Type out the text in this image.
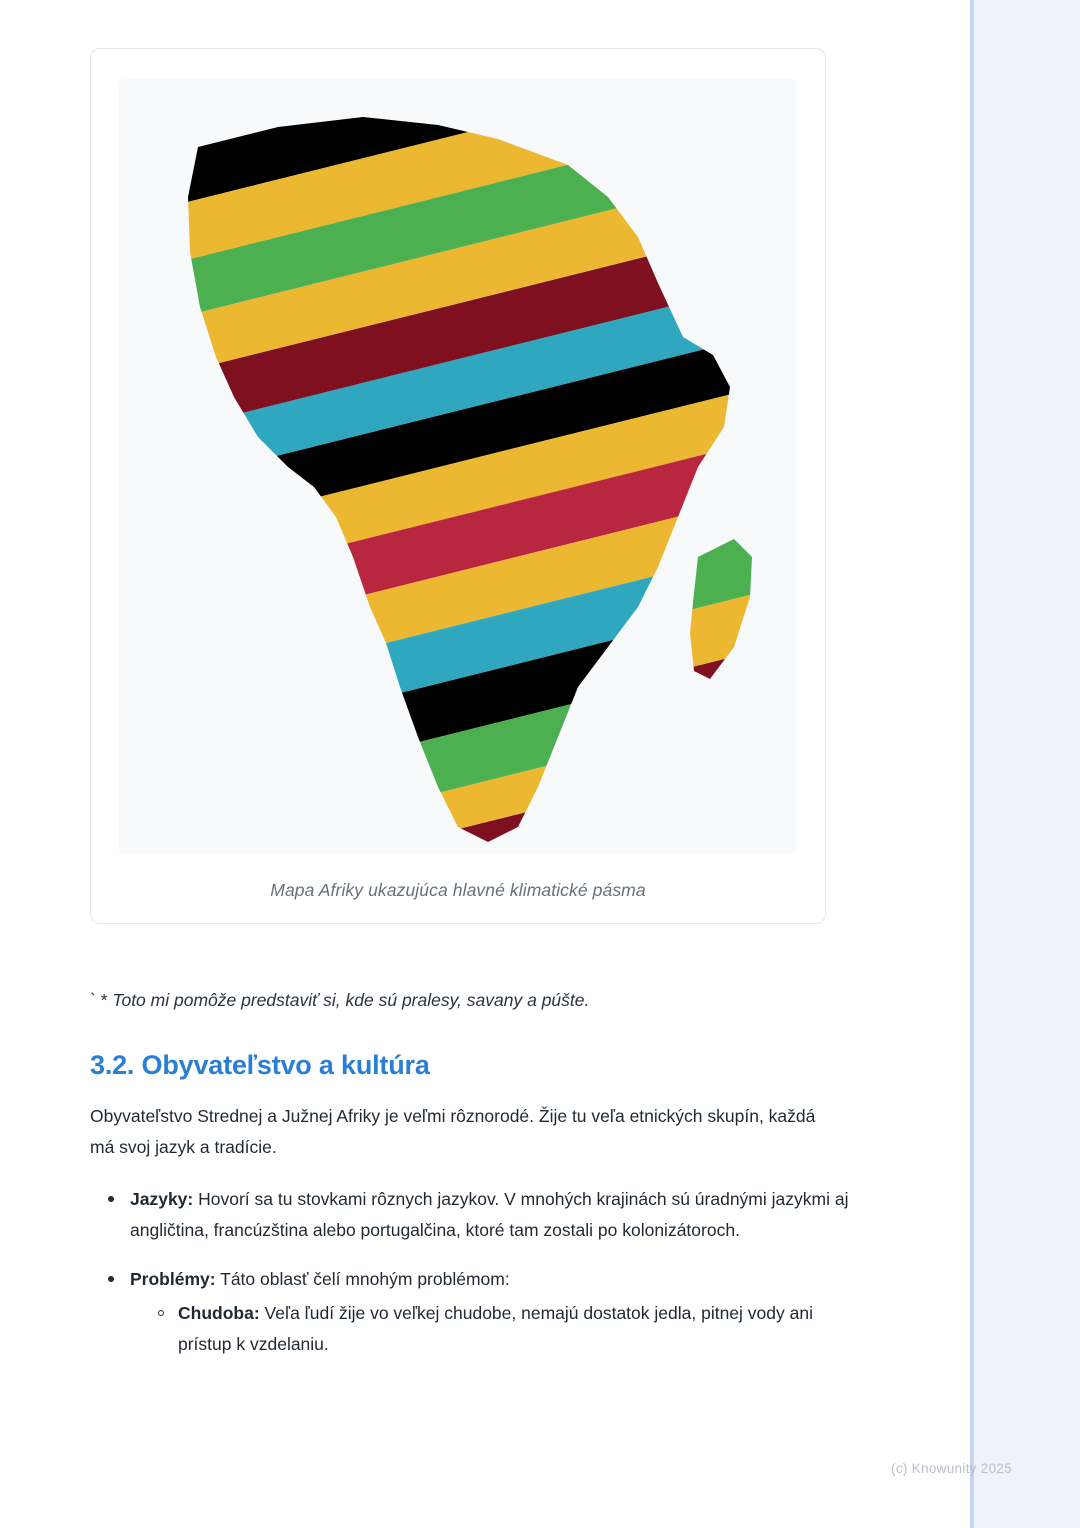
Mapa Afriky ukazujúca hlavné klimatické pásma

` * Toto mi pomôže predstaviť si, kde sú pralesy, savany a púšte.

3.2. Obyvateľstvo a kultúra

Obyvateľstvo Strednej a Južnej Afriky je veľmi rôznorodé. Žije tu veľa etnických skupín, každá má svoj jazyk a tradície.

Jazyky: Hovorí sa tu stovkami rôznych jazykov. V mnohých krajinách sú úradnými jazykmi aj angličtina, francúzština alebo portugalčina, ktoré tam zostali po kolonizátoroch.
Problémy: Táto oblasť čelí mnohým problémom:
Chudoba: Veľa ľudí žije vo veľkej chudobe, nemajú dostatok jedla, pitnej vody ani prístup k vzdelaniu.
(c) Knowunity 2025
